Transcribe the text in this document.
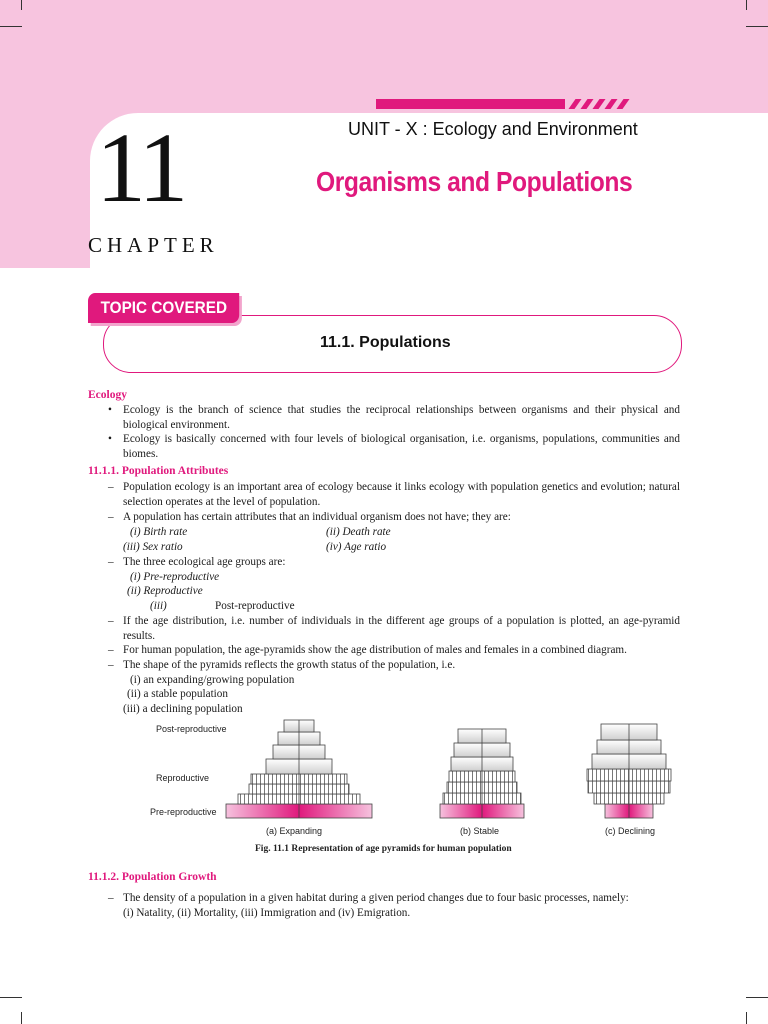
11
CHAPTER
UNIT - X : Ecology and Environment
Organisms and Populations
TOPIC COVERED
11.1. Populations
Ecology
• Ecology is the branch of science that studies the reciprocal relationships between organisms and their physical and biological environment.
• Ecology is basically concerned with four levels of biological organisation, i.e. organisms, populations, communities and biomes.
11.1.1. Population Attributes
– Population ecology is an important area of ecology because it links ecology with population genetics and evolution; natural selection operates at the level of population.
– A population has certain attributes that an individual organism does not have; they are:
(i) Birth rate	(ii) Death rate
(iii) Sex ratio	(iv) Age ratio
– The three ecological age groups are:
(i) Pre-reproductive
(ii) Reproductive
(iii)	Post-reproductive
– If the age distribution, i.e. number of individuals in the different age groups of a population is plotted, an age-pyramid results.
– For human population, the age-pyramids show the age distribution of males and females in a combined diagram.
– The shape of the pyramids reflects the growth status of the population, i.e.
(i) an expanding/growing population
(ii) a stable population
(iii) a declining population
Post-reproductive
Reproductive
Pre-reproductive
(a) Expanding	(b) Stable	(c) Declining
Fig. 11.1 Representation of age pyramids for human population
11.1.2. Population Growth
– The density of a population in a given habitat during a given period changes due to four basic processes, namely:
(i) Natality, (ii) Mortality, (iii) Immigration and (iv) Emigration.
